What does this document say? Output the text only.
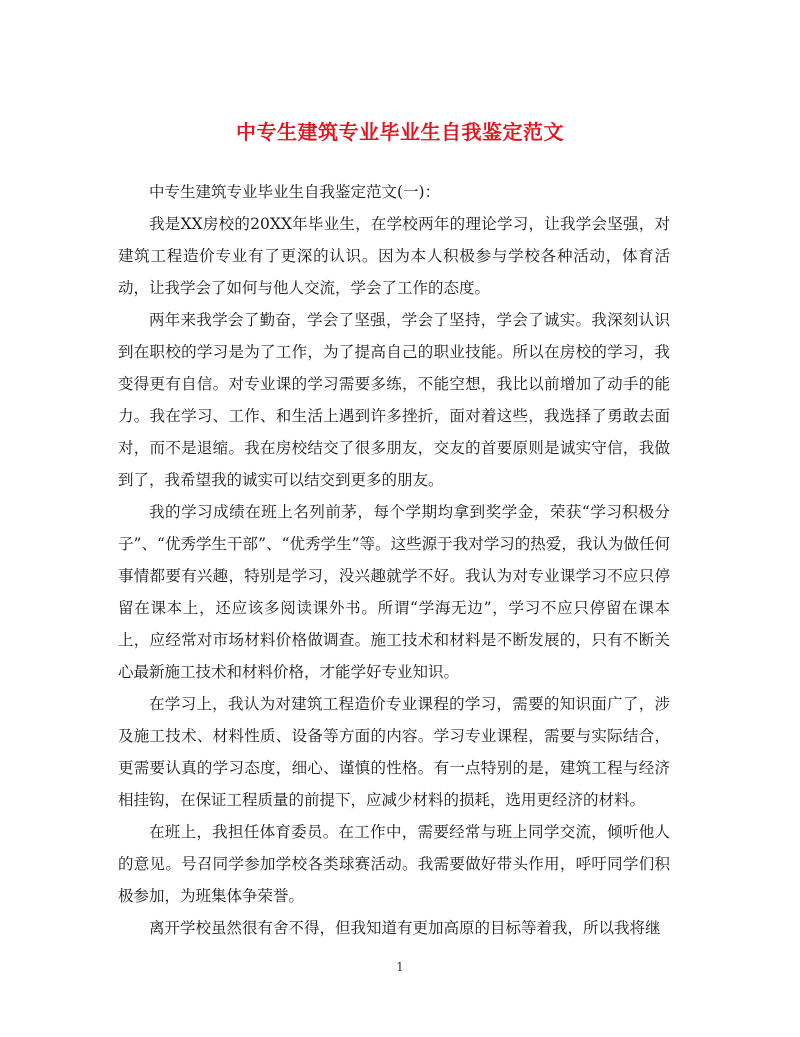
中专生建筑专业毕业生自我鉴定范文

中专生建筑专业毕业生自我鉴定范文(一)：

我是XX房校的20XX年毕业生，在学校两年的理论学习，让我学会坚强，对建筑工程造价专业有了更深的认识。因为本人积极参与学校各种活动，体育活动，让我学会了如何与他人交流，学会了工作的态度。

两年来我学会了勤奋，学会了坚强，学会了坚持，学会了诚实。我深刻认识到在职校的学习是为了工作，为了提高自己的职业技能。所以在房校的学习，我变得更有自信。对专业课的学习需要多练，不能空想，我比以前增加了动手的能力。我在学习、工作、和生活上遇到许多挫折，面对着这些，我选择了勇敢去面对，而不是退缩。我在房校结交了很多朋友，交友的首要原则是诚实守信，我做到了，我希望我的诚实可以结交到更多的朋友。

我的学习成绩在班上名列前茅，每个学期均拿到奖学金，荣获“学习积极分子”、“优秀学生干部”、“优秀学生”等。这些源于我对学习的热爱，我认为做任何事情都要有兴趣，特别是学习，没兴趣就学不好。我认为对专业课学习不应只停留在课本上，还应该多阅读课外书。所谓“学海无边”，学习不应只停留在课本上，应经常对市场材料价格做调查。施工技术和材料是不断发展的，只有不断关心最新施工技术和材料价格，才能学好专业知识。

在学习上，我认为对建筑工程造价专业课程的学习，需要的知识面广了，涉及施工技术、材料性质、设备等方面的内容。学习专业课程，需要与实际结合，更需要认真的学习态度，细心、谨慎的性格。有一点特别的是，建筑工程与经济相挂钩，在保证工程质量的前提下，应减少材料的损耗，选用更经济的材料。

在班上，我担任体育委员。在工作中，需要经常与班上同学交流，倾听他人的意见。号召同学参加学校各类球赛活动。我需要做好带头作用，呼吁同学们积极参加，为班集体争荣誉。

离开学校虽然很有舍不得，但我知道有更加高原的目标等着我，所以我将继

1
